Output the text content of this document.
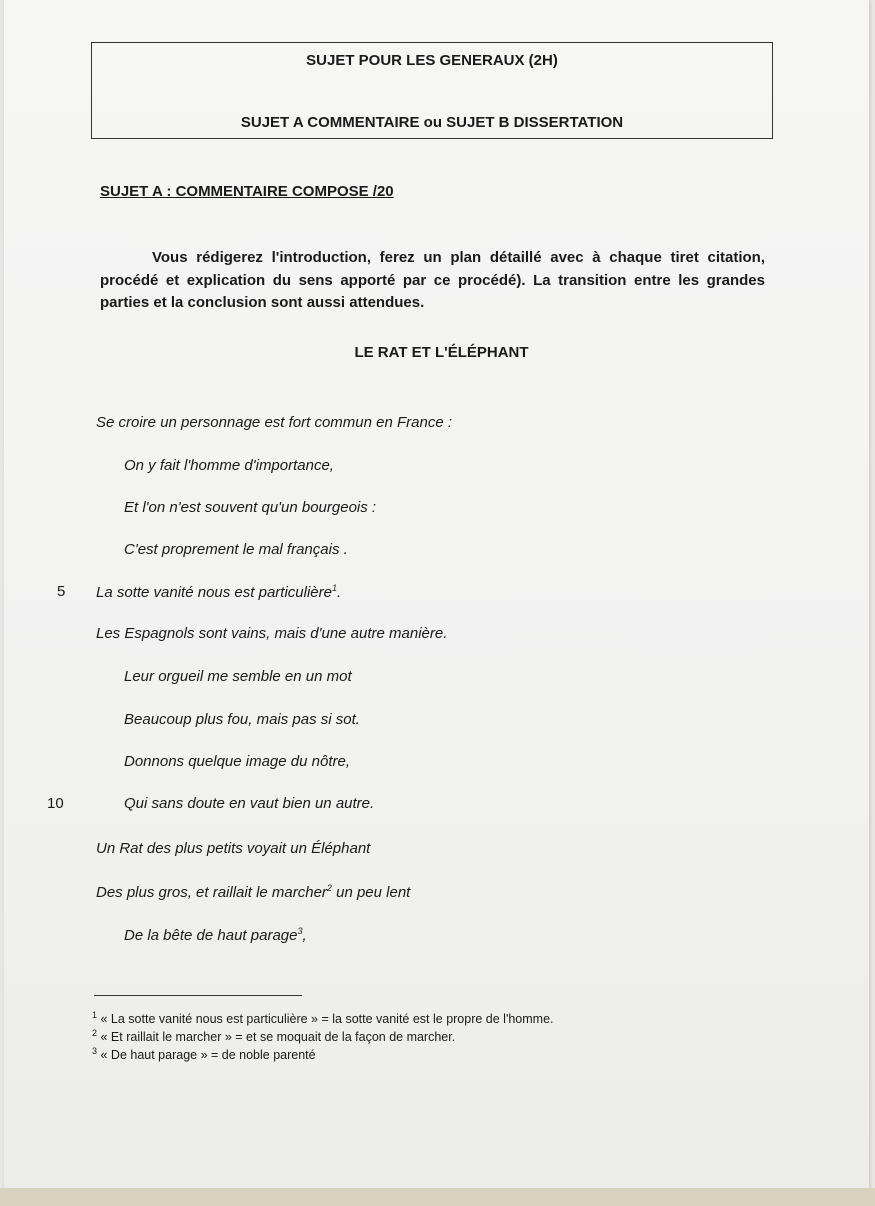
SUJET POUR LES GENERAUX (2H)
SUJET A COMMENTAIRE ou SUJET B DISSERTATION
SUJET A : COMMENTAIRE COMPOSE /20
Vous rédigerez l'introduction, ferez un plan détaillé avec à chaque tiret citation, procédé et explication du sens apporté par ce procédé). La transition entre les grandes parties et la conclusion sont aussi attendues.
LE RAT ET L'ÉLÉPHANT
Se croire un personnage est fort commun en France :
On y fait l'homme d'importance,
Et l'on n'est souvent qu'un bourgeois :
C'est proprement le mal français .
5 La sotte vanité nous est particulière$^1$.
Les Espagnols sont vains, mais d'une autre manière.
Leur orgueil me semble en un mot
Beaucoup plus fou, mais pas si sot.
Donnons quelque image du nôtre,
10	Qui sans doute en vaut bien un autre.
Un Rat des plus petits voyait un Éléphant
Des plus gros, et raillait le marcher$^2$ un peu lent
De la bête de haut parage$^3$,
$^1$ « La sotte vanité nous est particulière » = la sotte vanité est le propre de l'homme.
$^2$ « Et raillait le marcher » = et se moquait de la façon de marcher.
$^3$ « De haut parage » = de noble parenté
